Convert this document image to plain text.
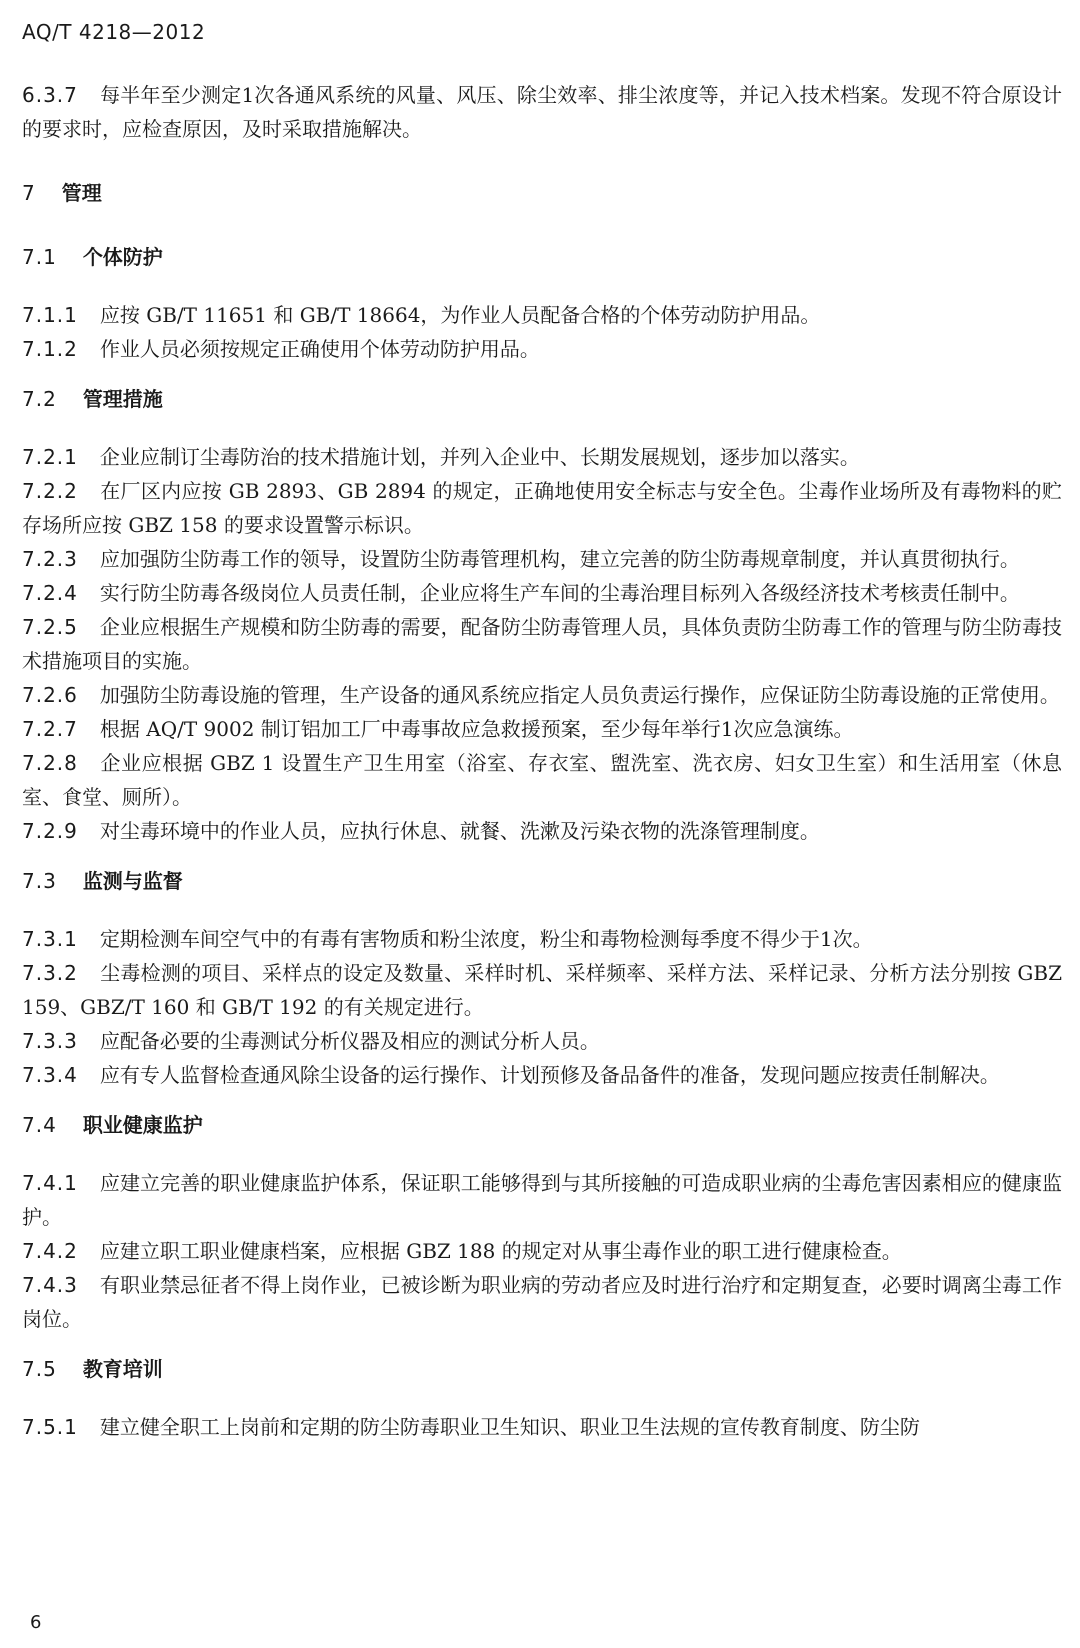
AQ/T 4218—2012

6.3.7 每半年至少测定1次各通风系统的风量、风压、除尘效率、排尘浓度等，并记入技术档案。发现不符合原设计的要求时，应检查原因，及时采取措施解决。

7 管理

7.1 个体防护

7.1.1 应按 GB/T 11651 和 GB/T 18664，为作业人员配备合格的个体劳动防护用品。

7.1.2 作业人员必须按规定正确使用个体劳动防护用品。

7.2 管理措施

7.2.1 企业应制订尘毒防治的技术措施计划，并列入企业中、长期发展规划，逐步加以落实。

7.2.2 在厂区内应按 GB 2893、GB 2894 的规定，正确地使用安全标志与安全色。尘毒作业场所及有毒物料的贮存场所应按 GBZ 158 的要求设置警示标识。

7.2.3 应加强防尘防毒工作的领导，设置防尘防毒管理机构，建立完善的防尘防毒规章制度，并认真贯彻执行。

7.2.4 实行防尘防毒各级岗位人员责任制，企业应将生产车间的尘毒治理目标列入各级经济技术考核责任制中。

7.2.5 企业应根据生产规模和防尘防毒的需要，配备防尘防毒管理人员，具体负责防尘防毒工作的管理与防尘防毒技术措施项目的实施。

7.2.6 加强防尘防毒设施的管理，生产设备的通风系统应指定人员负责运行操作，应保证防尘防毒设施的正常使用。

7.2.7 根据 AQ/T 9002 制订铝加工厂中毒事故应急救援预案，至少每年举行1次应急演练。

7.2.8 企业应根据 GBZ 1 设置生产卫生用室（浴室、存衣室、盥洗室、洗衣房、妇女卫生室）和生活用室（休息室、食堂、厕所）。

7.2.9 对尘毒环境中的作业人员，应执行休息、就餐、洗漱及污染衣物的洗涤管理制度。

7.3 监测与监督

7.3.1 定期检测车间空气中的有毒有害物质和粉尘浓度，粉尘和毒物检测每季度不得少于1次。

7.3.2 尘毒检测的项目、采样点的设定及数量、采样时机、采样频率、采样方法、采样记录、分析方法分别按 GBZ 159、GBZ/T 160 和 GB/T 192 的有关规定进行。

7.3.3 应配备必要的尘毒测试分析仪器及相应的测试分析人员。

7.3.4 应有专人监督检查通风除尘设备的运行操作、计划预修及备品备件的准备，发现问题应按责任制解决。

7.4 职业健康监护

7.4.1 应建立完善的职业健康监护体系，保证职工能够得到与其所接触的可造成职业病的尘毒危害因素相应的健康监护。

7.4.2 应建立职工职业健康档案，应根据 GBZ 188 的规定对从事尘毒作业的职工进行健康检查。

7.4.3 有职业禁忌征者不得上岗作业，已被诊断为职业病的劳动者应及时进行治疗和定期复查，必要时调离尘毒工作岗位。

7.5 教育培训

7.5.1 建立健全职工上岗前和定期的防尘防毒职业卫生知识、职业卫生法规的宣传教育制度、防尘防

6
